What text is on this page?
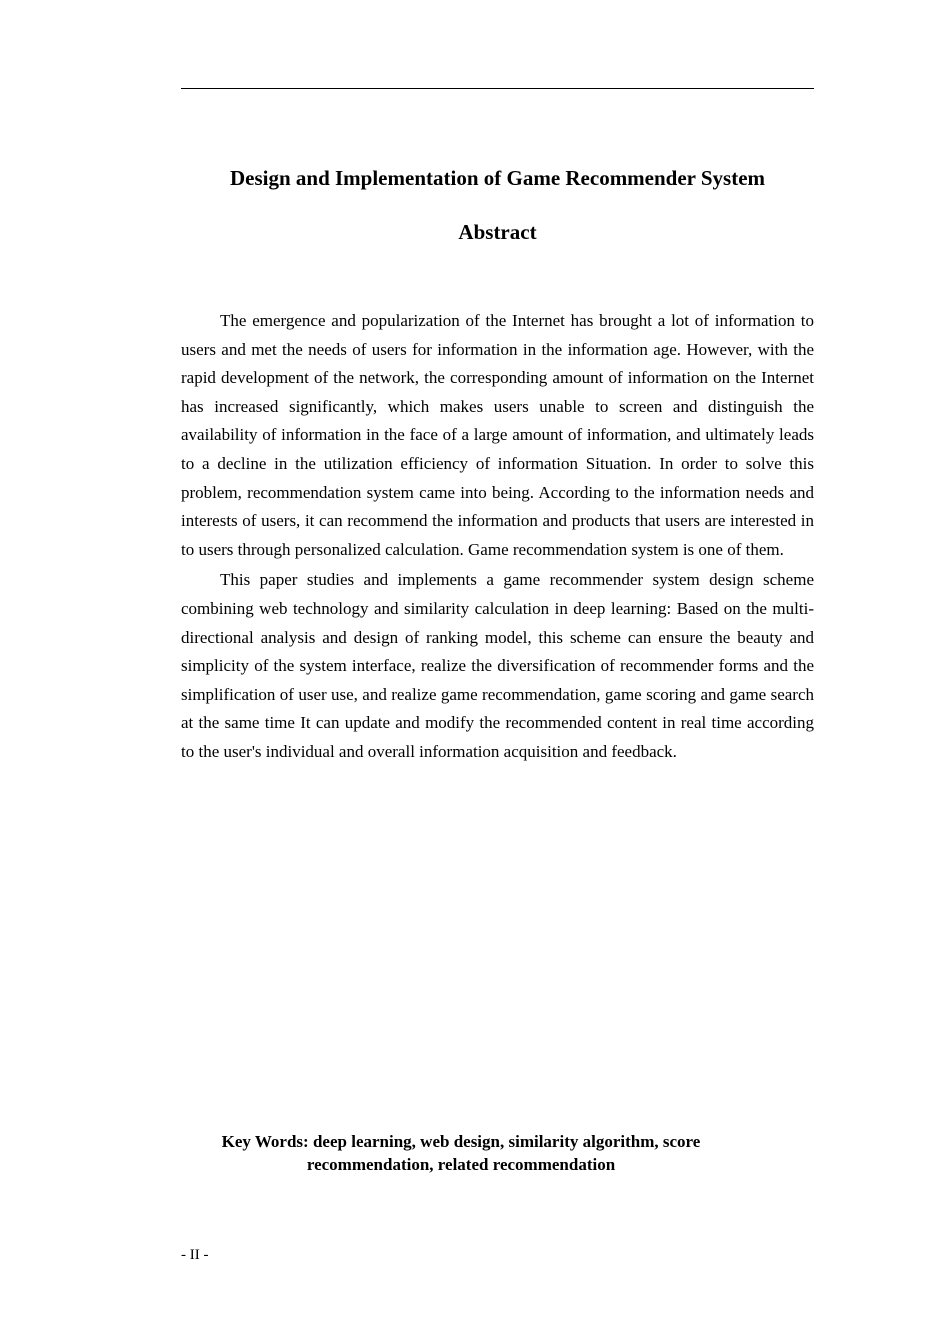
Design and Implementation of Game Recommender System
Abstract

The emergence and popularization of the Internet has brought a lot of information to users and met the needs of users for information in the information age. However, with the rapid development of the network, the corresponding amount of information on the Internet has increased significantly, which makes users unable to screen and distinguish the availability of information in the face of a large amount of information, and ultimately leads to a decline in the utilization efficiency of information Situation. In order to solve this problem, recommendation system came into being. According to the information needs and interests of users, it can recommend the information and products that users are interested in to users through personalized calculation. Game recommendation system is one of them.

This paper studies and implements a game recommender system design scheme combining web technology and similarity calculation in deep learning: Based on the multi-directional analysis and design of ranking model, this scheme can ensure the beauty and simplicity of the system interface, realize the diversification of recommender forms and the simplification of user use, and realize game recommendation, game scoring and game search at the same time It can update and modify the recommended content in real time according to the user's individual and overall information acquisition and feedback.

Key Words: deep learning, web design, similarity algorithm, score recommendation, related recommendation

- II -
